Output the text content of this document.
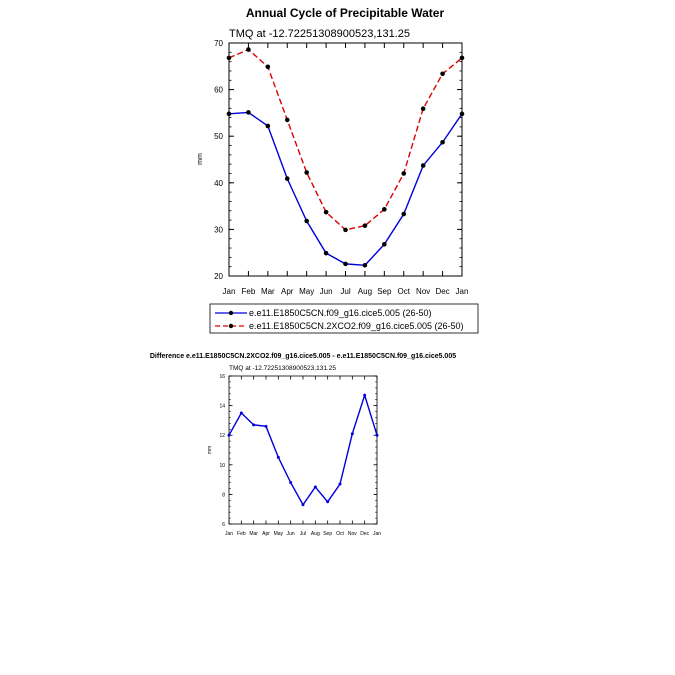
Annual Cycle of Precipitable Water
TMQ at -12.72251308900523,131.25
mm
20
30
40
50
60
70
Jan Feb Mar Apr May Jun Jul Aug Sep Oct Nov Dec Jan
e.e11.E1850C5CN.f09_g16.cice5.005 (26-50)
e.e11.E1850C5CN.2XCO2.f09_g16.cice5.005 (26-50)
Difference e.e11.E1850C5CN.2XCO2.f09_g16.cice5.005 - e.e11.E1850C5CN.f09_g16.cice5.005
TMQ at -12.72251308900523,131.25
mm
6
8
10
12
14
16
Jan Feb Mar Apr May Jun Jul Aug Sep Oct Nov Dec Jan
